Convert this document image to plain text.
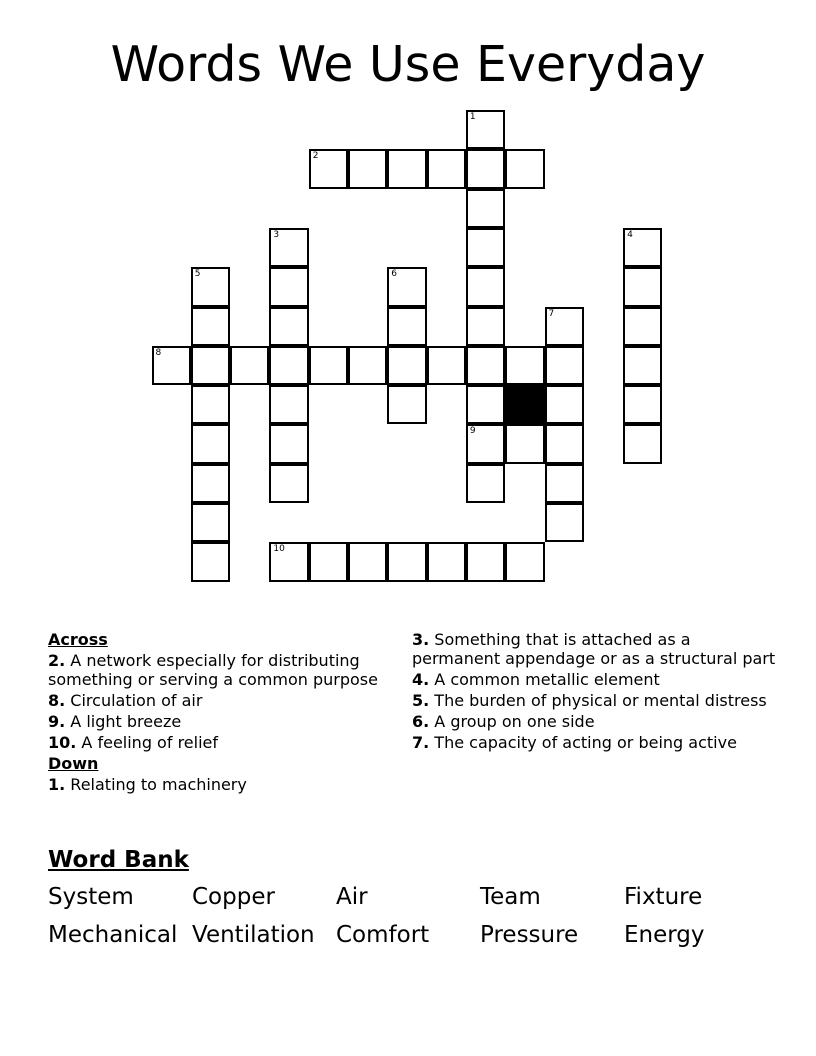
Words We Use Everyday
1
2
3	4
5	6
7
8
9
10
Across
2. A network especially for distributing something or serving a common purpose
8. Circulation of air
9. A light breeze
10. A feeling of relief
Down
1. Relating to machinery
3. Something that is attached as a permanent appendage or as a structural part
4. A common metallic element
5. The burden of physical or mental distress
6. A group on one side
7. The capacity of acting or being active
Word Bank
System	Copper	Air	Team	Fixture
Mechanical Ventilation Comfort Pressure Energy
